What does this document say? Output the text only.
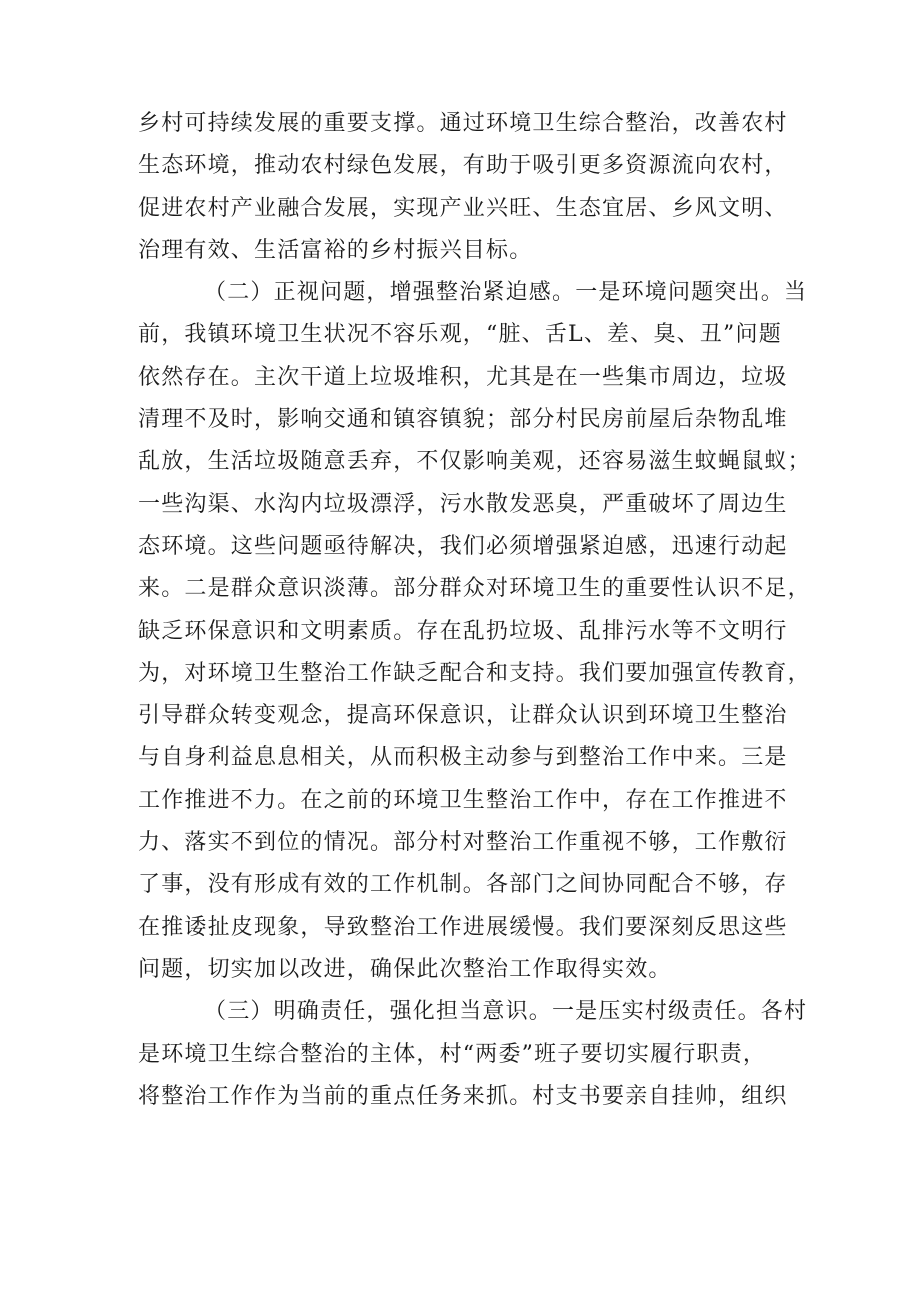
乡村可持续发展的重要支撑。通过环境卫生综合整治，改善农村
生态环境，推动农村绿色发展，有助于吸引更多资源流向农村，
促进农村产业融合发展，实现产业兴旺、生态宜居、乡风文明、
治理有效、生活富裕的乡村振兴目标。
（二）正视问题，增强整治紧迫感。一是环境问题突出。当
前，我镇环境卫生状况不容乐观，“脏、舌L、差、臭、丑”问题
依然存在。主次干道上垃圾堆积，尤其是在一些集市周边，垃圾
清理不及时，影响交通和镇容镇貌；部分村民房前屋后杂物乱堆
乱放，生活垃圾随意丢弃，不仅影响美观，还容易滋生蚊蝇鼠蚁；
一些沟渠、水沟内垃圾漂浮，污水散发恶臭，严重破坏了周边生
态环境。这些问题亟待解决，我们必须增强紧迫感，迅速行动起
来。二是群众意识淡薄。部分群众对环境卫生的重要性认识不足，
缺乏环保意识和文明素质。存在乱扔垃圾、乱排污水等不文明行
为，对环境卫生整治工作缺乏配合和支持。我们要加强宣传教育，
引导群众转变观念，提高环保意识，让群众认识到环境卫生整治
与自身利益息息相关，从而积极主动参与到整治工作中来。三是
工作推进不力。在之前的环境卫生整治工作中，存在工作推进不
力、落实不到位的情况。部分村对整治工作重视不够，工作敷衍
了事，没有形成有效的工作机制。各部门之间协同配合不够，存
在推诿扯皮现象，导致整治工作进展缓慢。我们要深刻反思这些
问题，切实加以改进，确保此次整治工作取得实效。
（三）明确责任，强化担当意识。一是压实村级责任。各村
是环境卫生综合整治的主体，村“两委”班子要切实履行职责，
将整治工作作为当前的重点任务来抓。村支书要亲自挂帅，组织
